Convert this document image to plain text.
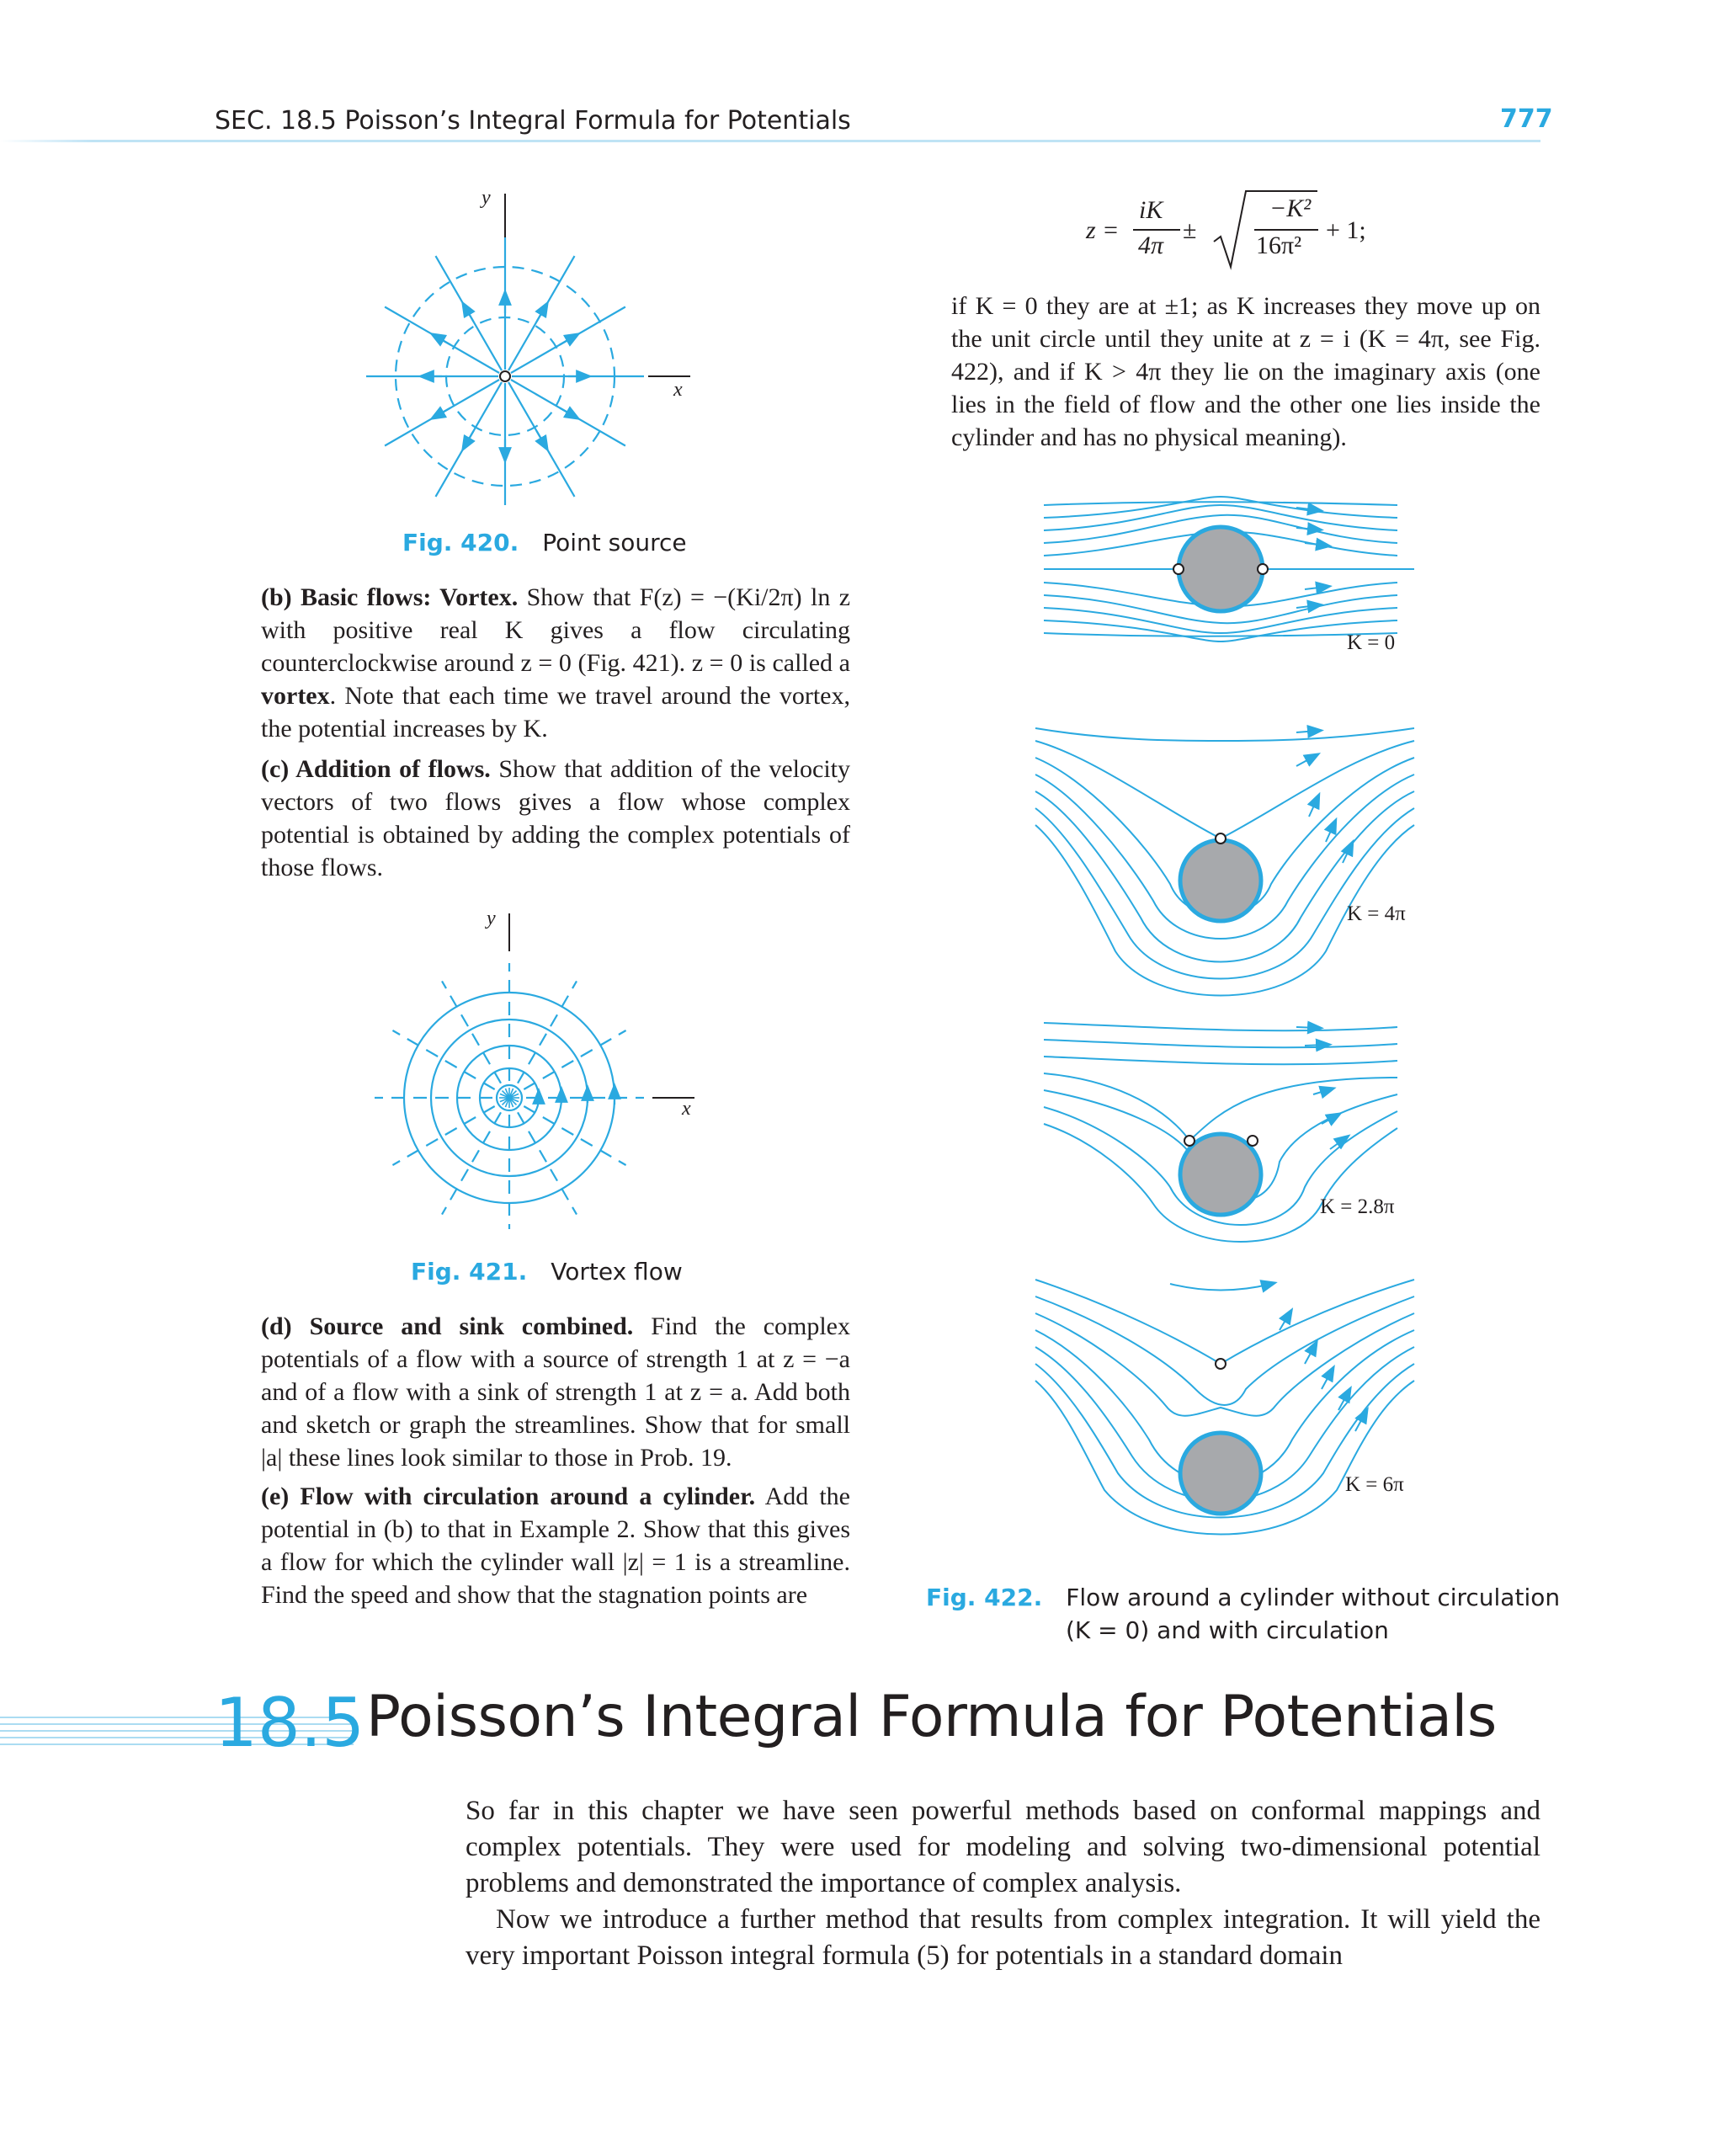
SEC. 18.5 Poisson’s Integral Formula for Potentials	777
y
x
Fig. 420. Point source
(b) Basic flows: Vortex. Show that F(z) = −(Ki/2π) ln z with positive real K gives a flow circulating counterclockwise around z = 0 (Fig. 421). z = 0 is called a vortex. Note that each time we travel around the vortex, the potential increases by K.
(c) Addition of flows. Show that addition of the velocity vectors of two flows gives a flow whose complex potential is obtained by adding the complex potentials of those flows.
y
x
Fig. 421. Vortex flow
(d) Source and sink combined. Find the complex potentials of a flow with a source of strength 1 at z = −a and of a flow with a sink of strength 1 at z = a. Add both and sketch or graph the streamlines. Show that for small |a| these lines look similar to those in Prob. 19.
(e) Flow with circulation around a cylinder. Add the potential in (b) to that in Example 2. Show that this gives a flow for which the cylinder wall |z| = 1 is a streamline. Find the speed and show that the stagnation points are
z =
iK
4π
±
−K²
16π²
+ 1;
if K = 0 they are at ±1; as K increases they move up on the unit circle until they unite at z = i (K = 4π, see Fig. 422), and if K > 4π they lie on the imaginary axis (one lies in the field of flow and the other one lies inside the cylinder and has no physical meaning).
K = 0
K = 4π
K = 2.8π
K = 6π
Fig. 422. Flow around a cylinder without circulation
(K = 0) and with circulation
18.5 Poisson’s Integral Formula for Potentials
So far in this chapter we have seen powerful methods based on conformal mappings and complex potentials. They were used for modeling and solving two-dimensional potential problems and demonstrated the importance of complex analysis.
Now we introduce a further method that results from complex integration. It will yield the very important Poisson integral formula (5) for potentials in a standard domain
